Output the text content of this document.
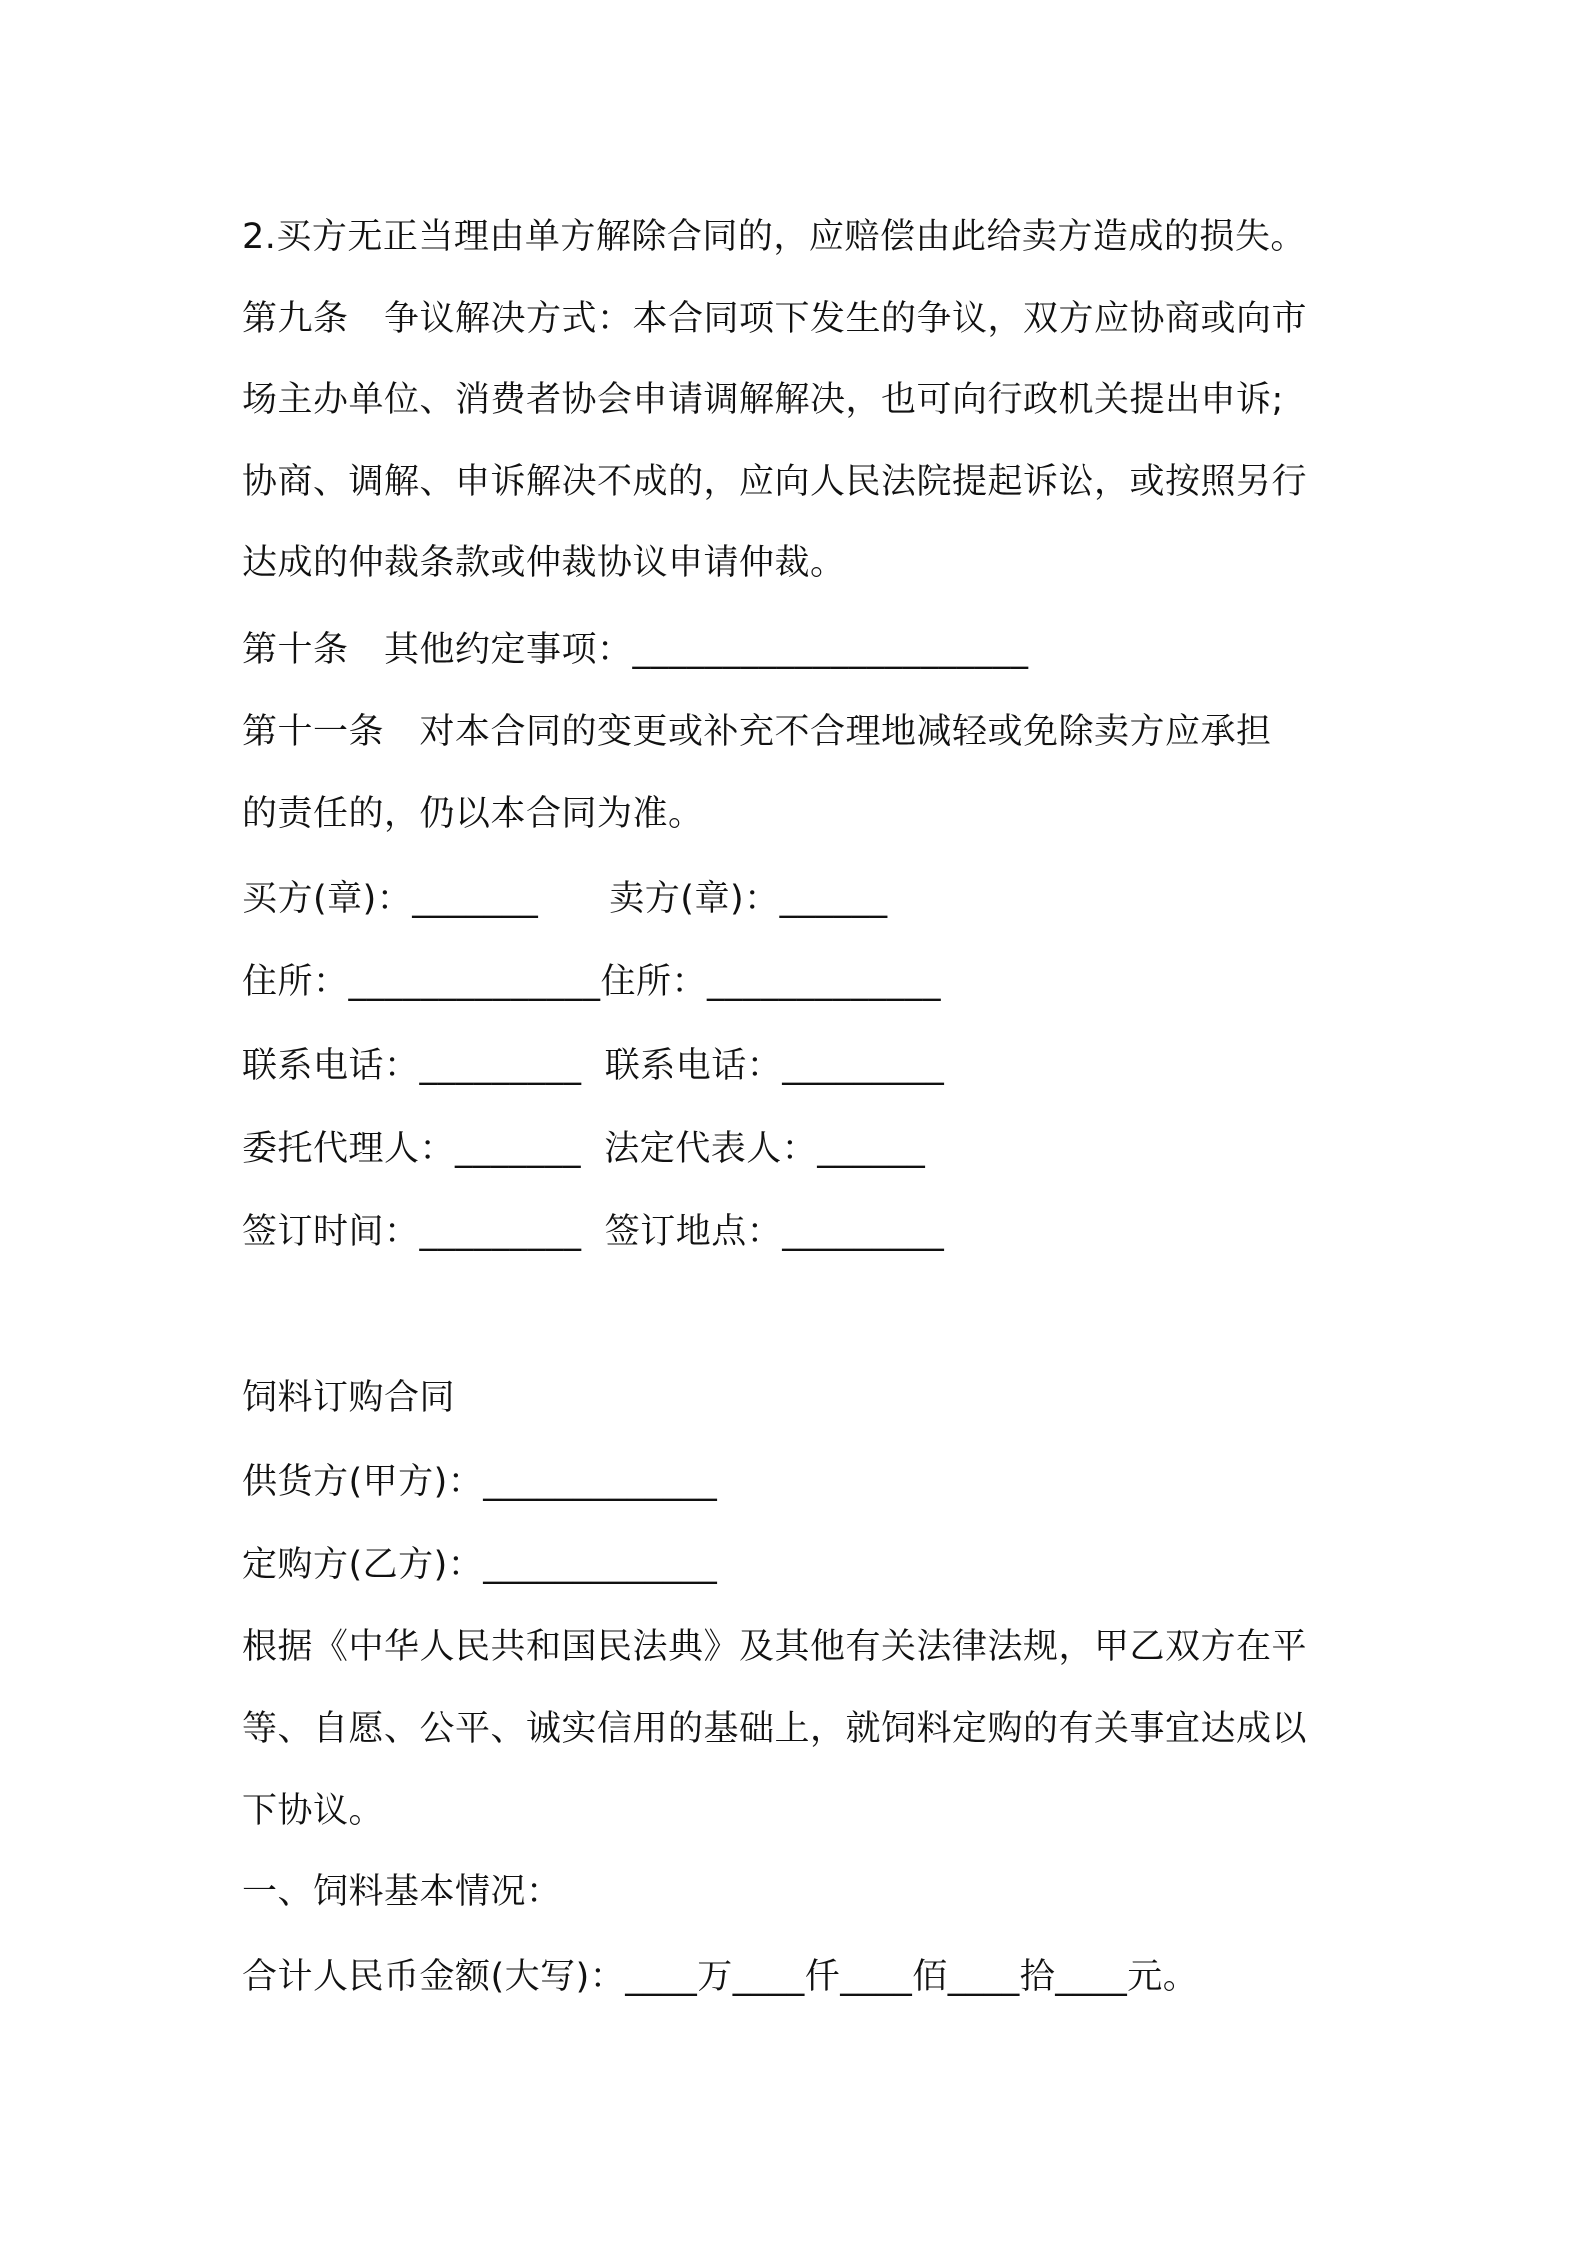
2.买方无正当理由单方解除合同的，应赔偿由此给卖方造成的损失。
第九条　争议解决方式：本合同项下发生的争议，双方应协商或向市
场主办单位、消费者协会申请调解解决，也可向行政机关提出申诉;
协商、调解、申诉解决不成的，应向人民法院提起诉讼，或按照另行
达成的仲裁条款或仲裁协议申请仲裁。
第十条　其他约定事项：______________________
第十一条　对本合同的变更或补充不合理地减轻或免除卖方应承担
的责任的，仍以本合同为准。
买方(章)：_______　　卖方(章)：______
住所：______________住所：_____________
联系电话：_________  联系电话：_________
委托代理人：_______  法定代表人：______
签订时间：_________  签订地点：_________
饲料订购合同
供货方(甲方)：_____________
定购方(乙方)：_____________
根据《中华人民共和国民法典》及其他有关法律法规，甲乙双方在平
等、自愿、公平、诚实信用的基础上，就饲料定购的有关事宜达成以
下协议。
一、饲料基本情况：
合计人民币金额(大写)：____万____仟____佰____拾____元。
